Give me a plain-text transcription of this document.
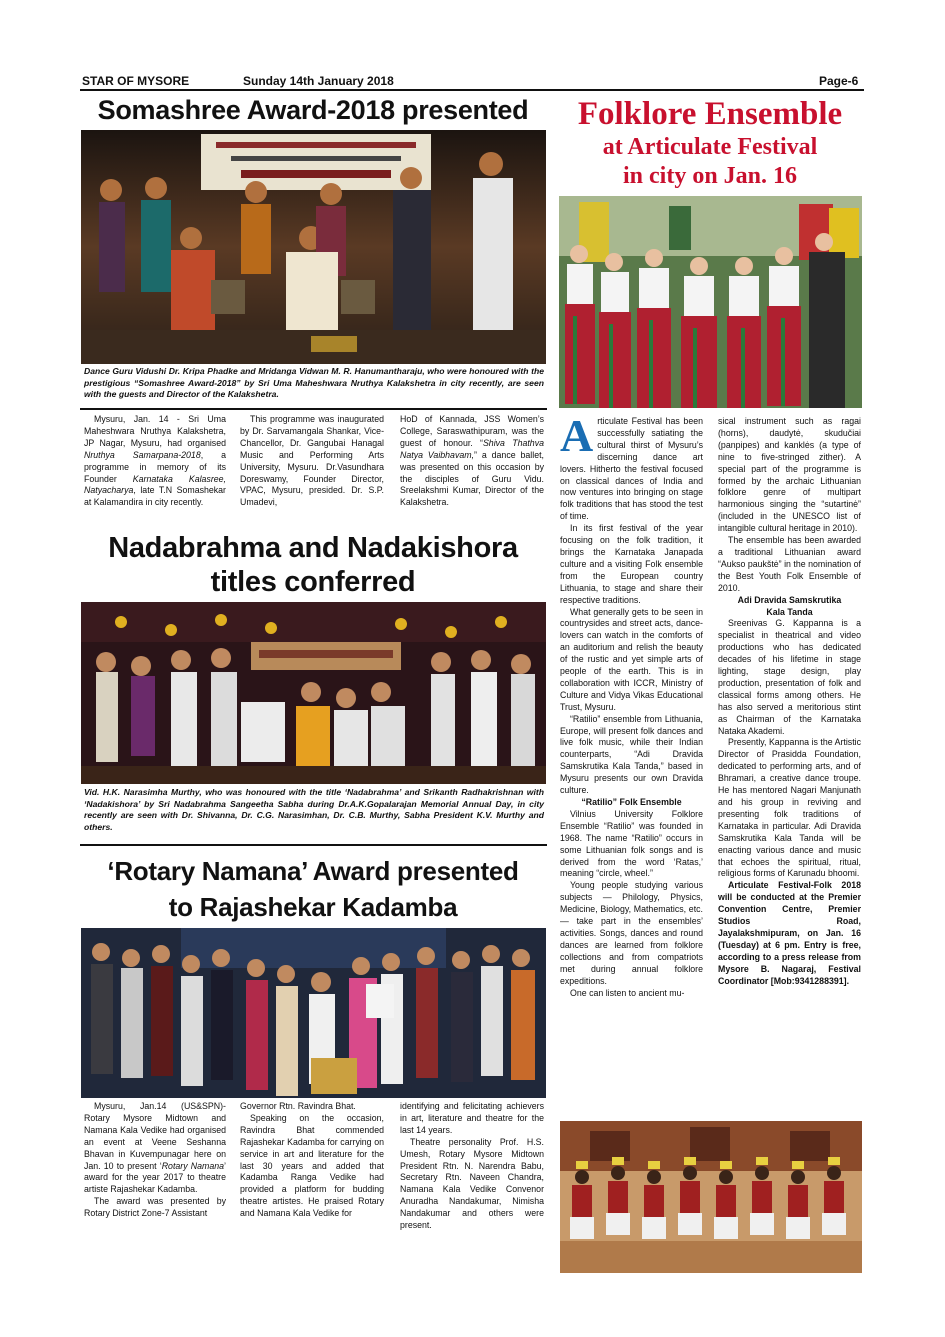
STAR OF MYSORE	Sunday 14th January 2018	Page-6
Somashree Award-2018 presented
Dance Guru Vidushi Dr. Kripa Phadke and Mridanga Vidwan M. R. Hanumantharaju, who were honoured with the prestigious “Somashree Award-2018” by Sri Uma Maheshwara Nruthya Kalakshetra in city recently, are seen with the guests and Director of the Kalakshetra.

Mysuru, Jan. 14 - Sri Uma Maheshwara Nruthya Kalakshetra, JP Nagar, Mysuru, had organised Nruthya Samarpana-2018, a programme in memory of its Founder Karnataka Kalasree, Natyacharya, late T.N Somashekar at Kalamandira in city recently.

This programme was inaugurated by Dr. Sarvamangala Shankar, Vice-Chancellor, Dr. Gangubai Hanagal Music and Performing Arts University, Mysuru. Dr.Vasundhara Doreswamy, Founder Director, VPAC, Mysuru, presided. Dr. S.P. Umadevi,

HoD of Kannada, JSS Women’s College, Saraswathipuram, was the guest of honour. “Shiva Thathva Natya Vaibhavam,” a dance ballet, was presented on this occasion by the disciples of Guru Vidu. Sreelakshmi Kumar, Director of the Kalakshetra.

Nadabrahma and Nadakishora
titles conferred
Vid. H.K. Narasimha Murthy, who was honoured with the title ‘Nadabrahma’ and Srikanth Radhakrishnan with ‘Nadakishora’ by Sri Nadabrahma Sangeetha Sabha during Dr.A.K.Gopalarajan Memorial Annual Day, in city recently are seen with Dr. Shivanna, Dr. C.G. Narasimhan, Dr. C.B. Murthy, Sabha President K.V. Murthy and others.
‘Rotary Namana’ Award presented
to Rajashekar Kadamba

Mysuru, Jan.14 (US&SPN)- Rotary Mysore Midtown and Namana Kala Vedike had organised an event at Veene Seshanna Bhavan in Kuvempunagar here on Jan. 10 to present ‘Rotary Namana’ award for the year 2017 to theatre artiste Rajashekar Kadamba.

The award was presented by Rotary District Zone-7 Assistant

Governor Rtn. Ravindra Bhat.

Speaking on the occasion, Ravindra Bhat commended Rajashekar Kadamba for carrying on service in art and literature for the last 30 years and added that Kadamba Ranga Vedike had provided a platform for budding theatre artistes. He praised Rotary and Namana Kala Vedike for

identifying and felicitating achievers in art, literature and theatre for the last 14 years.

Theatre personality Prof. H.S. Umesh, Rotary Mysore Midtown President Rtn. N. Narendra Babu, Secretary Rtn. Naveen Chandra, Namana Kala Vedike Convenor Anuradha Nandakumar, Nimisha Nandakumar and others were present.

Folklore Ensemble
at Articulate Festival
in city on Jan. 16

Articulate Festival has been successfully satiating the cultural thirst of Mysuru’s discerning dance art lovers. Hitherto the festival focused on classical dances of India and now ventures into bringing on stage folk traditions that has stood the test of time.

In its first festival of the year focusing on the folk tradition, it brings the Karnataka Janapada culture and a visiting Folk ensemble from the European country Lithuania, to stage and share their respective traditions.

What generally gets to be seen in countrysides and street acts, dance-lovers can watch in the comforts of an auditorium and relish the beauty of the rustic and yet simple arts of people of the earth. This is in collaboration with ICCR, Ministry of Culture and Vidya Vikas Educational Trust, Mysuru.

“Ratilio” ensemble from Lithuania, Europe, will present folk dances and live folk music, while their Indian counterparts, “Adi Dravida Samskrutika Kala Tanda,” based in Mysuru presents our own Dravida culture.

“Ratilio” Folk Ensemble

Vilnius University Folklore Ensemble “Ratilio” was founded in 1968. The name “Ratilio” occurs in some Lithuanian folk songs and is derived from the word ‘Ratas,’ meaning “circle, wheel.”

Young people studying various subjects — Philology, Physics, Medicine, Biology, Mathematics, etc. — take part in the ensembles’ activities. Songs, dances and round dances are learned from folklore collections and from compatriots met during annual folklore expeditions.

One can listen to ancient mu-

sical instrument such as ragai (horns), daudytė, skudučiai (panpipes) and kanklės (a type of nine to five-stringed zither). A special part of the programme is formed by the archaic Lithuanian folklore genre of multipart harmonious singing the “sutartinė” (included in the UNESCO list of intangible cultural heritage in 2010).

The ensemble has been awarded a traditional Lithuanian award “Aukso paukštė” in the nomination of the Best Youth Folk Ensemble of 2010.

Adi Dravida Samskrutika

Kala Tanda

Sreenivas G. Kappanna is a specialist in theatrical and video productions who has dedicated decades of his lifetime in stage lighting, stage design, play production, presentation of folk and classical forms among others. He has also served a meritorious stint as Chairman of the Karnataka Nataka Akademi.

Presently, Kappanna is the Artistic Director of Prasidda Foundation, dedicated to performing arts, and of Bhramari, a creative dance troupe. He has mentored Nagari Manjunath and his group in reviving and presenting folk traditions of Karnataka in particular. Adi Dravida Samskrutika Kala Tanda will be enacting various dance and music that echoes the spiritual, ritual, religious forms of Karunadu bhoomi.

Articulate Festival-Folk 2018 will be conducted at the Premier Convention Centre, Premier Studios Road, Jayalakshmipuram, on Jan. 16 (Tuesday) at 6 pm. Entry is free, according to a press release from Mysore B. Nagaraj, Festival Coordinator [Mob:9341288391].
